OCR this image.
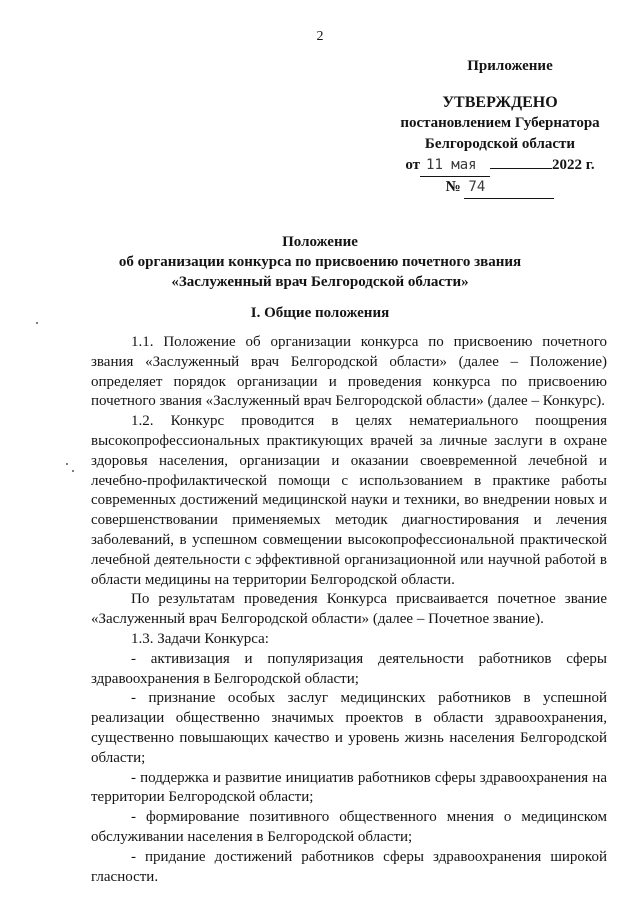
2
Приложение
УТВЕРЖДЕНО
постановлением Губернатора
Белгородской области
от 11 мая	2022 г.
№ 74
Положение
об организации конкурса по присвоению почетного звания
«Заслуженный врач Белгородской области»
I. Общие положения

1.1. Положение об организации конкурса по присвоению почетного звания «Заслуженный врач Белгородской области» (далее – Положение) определяет порядок организации и проведения конкурса по присвоению почетного звания «Заслуженный врач Белгородской области» (далее – Конкурс).

1.2. Конкурс проводится в целях нематериального поощрения высокопрофессиональных практикующих врачей за личные заслуги в охране здоровья населения, организации и оказании своевременной лечебной и лечебно-профилактической помощи с использованием в практике работы современных достижений медицинской науки и техники, во внедрении новых и совершенствовании применяемых методик диагностирования и лечения заболеваний, в успешном совмещении высокопрофессиональной практической лечебной деятельности с эффективной организационной или научной работой в области медицины на территории Белгородской области.

По результатам проведения Конкурса присваивается почетное звание «Заслуженный врач Белгородской области» (далее – Почетное звание).

1.3. Задачи Конкурса:

- активизация и популяризация деятельности работников сферы здравоохранения в Белгородской области;

- признание особых заслуг медицинских работников в успешной реализации общественно значимых проектов в области здравоохранения, существенно повышающих качество и уровень жизнь населения Белгородской области;

- поддержка и развитие инициатив работников сферы здравоохранения на территории Белгородской области;

- формирование позитивного общественного мнения о медицинском обслуживании населения в Белгородской области;

- придание достижений работников сферы здравоохранения широкой гласности.
